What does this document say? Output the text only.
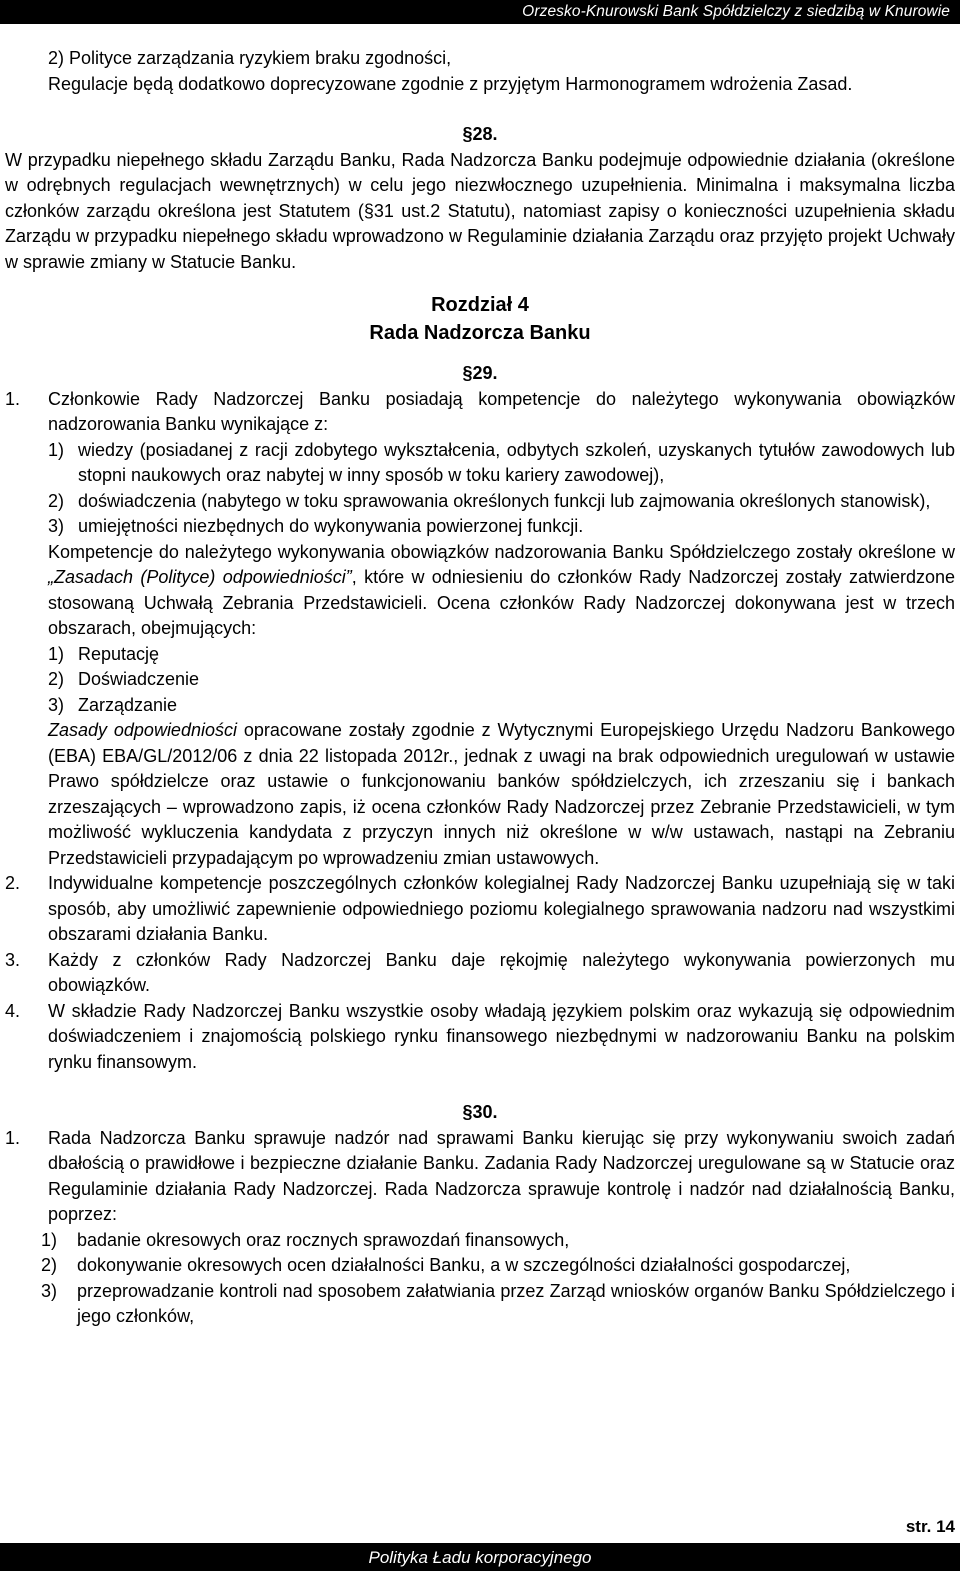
Orzesko-Knurowski Bank Spółdzielczy z siedzibą w Knurowie

2) Polityce zarządzania ryzykiem braku zgodności,

Regulacje będą dodatkowo doprecyzowane zgodnie z przyjętym Harmonogramem wdrożenia Zasad.

§28.

W przypadku niepełnego składu Zarządu Banku, Rada Nadzorcza Banku podejmuje odpowiednie działania (określone w odrębnych regulacjach wewnętrznych) w celu jego niezwłocznego uzupełnienia. Minimalna i maksymalna liczba członków zarządu określona jest Statutem (§31 ust.2 Statutu), natomiast zapisy o konieczności uzupełnienia składu Zarządu w przypadku niepełnego składu wprowadzono w Regulaminie działania Zarządu oraz przyjęto projekt Uchwały w sprawie zmiany w Statucie Banku.

Rozdział 4

Rada Nadzorcza Banku

§29.

1.	Członkowie Rady Nadzorczej Banku posiadają kompetencje do należytego wykonywania obowiązków nadzorowania Banku wynikające z:
1) wiedzy (posiadanej z racji zdobytego wykształcenia, odbytych szkoleń, uzyskanych tytułów zawodowych lub stopni naukowych oraz nabytej w inny sposób w toku kariery zawodowej),
2) doświadczenia (nabytego w toku sprawowania określonych funkcji lub zajmowania określonych stanowisk),
3) umiejętności niezbędnych do wykonywania powierzonej funkcji.

Kompetencje do należytego wykonywania obowiązków nadzorowania Banku Spółdzielczego zostały określone w „Zasadach (Polityce) odpowiedniości”, które w odniesieniu do członków Rady Nadzorczej zostały zatwierdzone stosowaną Uchwałą Zebrania Przedstawicieli. Ocena członków Rady Nadzorczej dokonywana jest w trzech obszarach, obejmujących:

1) Reputację
2) Doświadczenie
3) Zarządzanie

Zasady odpowiedniości opracowane zostały zgodnie z Wytycznymi Europejskiego Urzędu Nadzoru Bankowego (EBA) EBA/GL/2012/06 z dnia 22 listopada 2012r., jednak z uwagi na brak odpowiednich uregulowań w ustawie Prawo spółdzielcze oraz ustawie o funkcjonowaniu banków spółdzielczych, ich zrzeszaniu się i bankach zrzeszających – wprowadzono zapis, iż ocena członków Rady Nadzorczej przez Zebranie Przedstawicieli, w tym możliwość wykluczenia kandydata z przyczyn innych niż określone w w/w ustawach, nastąpi na Zebraniu Przedstawicieli przypadającym po wprowadzeniu zmian ustawowych.

2.	Indywidualne kompetencje poszczególnych członków kolegialnej Rady Nadzorczej Banku uzupełniają się w taki sposób, aby umożliwić zapewnienie odpowiedniego poziomu kolegialnego sprawowania nadzoru nad wszystkimi obszarami działania Banku.
3.	Każdy z członków Rady Nadzorczej Banku daje rękojmię należytego wykonywania powierzonych mu obowiązków.
4.	W składzie Rady Nadzorczej Banku wszystkie osoby władają językiem polskim oraz wykazują się odpowiednim doświadczeniem i znajomością polskiego rynku finansowego niezbędnymi w nadzorowaniu Banku na polskim rynku finansowym.

§30.

1.	Rada Nadzorcza Banku sprawuje nadzór nad sprawami Banku kierując się przy wykonywaniu swoich zadań dbałością o prawidłowe i bezpieczne działanie Banku. Zadania Rady Nadzorczej uregulowane są w Statucie oraz Regulaminie działania Rady Nadzorczej. Rada Nadzorcza sprawuje kontrolę i nadzór nad działalnością Banku, poprzez:
1)	badanie okresowych oraz rocznych sprawozdań finansowych,
2)	dokonywanie okresowych ocen działalności Banku, a w szczególności działalności gospodarczej,
3)	przeprowadzanie kontroli nad sposobem załatwiania przez Zarząd wniosków organów Banku Spółdzielczego i jego członków,
str. 14
Polityka Ładu korporacyjnego
